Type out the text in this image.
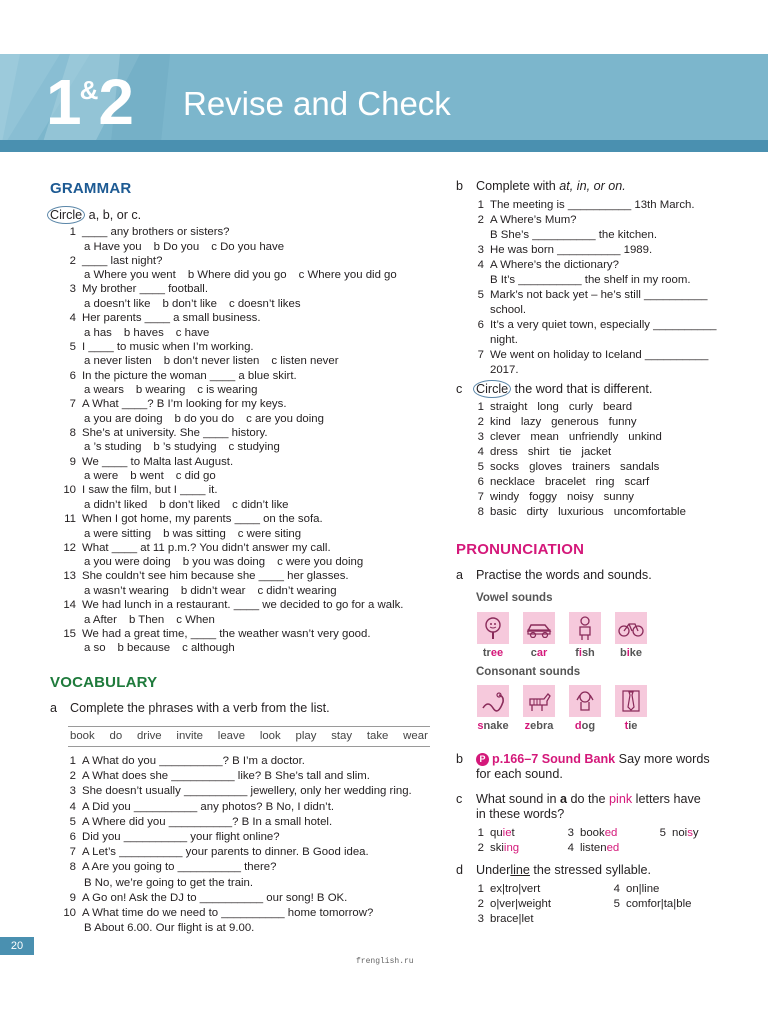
1 & 2 Revise and Check
GRAMMAR
Circle a, b, or c.
1 ____ any brothers or sisters?
a Have you b Do you c Do you have
2 ____ last night?
a Where you went b Where did you go c Where you did go
3 My brother ____ football.
a doesn’t like b don’t like c doesn’t likes
4 Her parents ____ a small business.
a has b haves c have
5 I ____ to music when I’m working.
a never listen b don’t never listen c listen never
6 In the picture the woman ____ a blue skirt.
a wears b wearing c is wearing
7 A What ____? B I’m looking for my keys.
a you are doing b do you do c are you doing
8 She’s at university. She ____ history.
a ’s studing b ’s studying c studying
9 We ____ to Malta last August.
a were b went c did go
10 I saw the film, but I ____ it.
a didn’t liked b don’t liked c didn’t like
11 When I got home, my parents ____ on the sofa.
a were sitting b was sitting c were siting
12 What ____ at 11 p.m.? You didn’t answer my call.
a you were doing b you was doing c were you doing
13 She couldn’t see him because she ____ her glasses.
a wasn’t wearing b didn’t wear c didn’t wearing
14 We had lunch in a restaurant. ____ we decided to go for a walk.
a After b Then c When
15 We had a great time, ____ the weather wasn’t very good.
a so b because c although
VOCABULARY
a Complete the phrases with a verb from the list.
book do drive invite leave look play stay take wear
1 A What do you __________? B I’m a doctor.
2 A What does she __________ like? B She’s tall and slim.
3 She doesn’t usually __________ jewellery, only her wedding ring.
4 A Did you __________ any photos? B No, I didn’t.
5 A Where did you __________? B In a small hotel.
6 Did you __________ your flight online?
7 A Let’s __________ your parents to dinner. B Good idea.
8 A Are you going to __________ there?
B No, we’re going to get the train.
9 A Go on! Ask the DJ to __________ our song! B OK.
10 A What time do we need to __________ home tomorrow?
B About 6.00. Our flight is at 9.00.
b Complete with at, in, or on.
1 The meeting is __________ 13th March.
2 A Where’s Mum?
B She’s __________ the kitchen.
3 He was born __________ 1989.
4 A Where’s the dictionary?
B It’s __________ the shelf in my room.
5 Mark’s not back yet – he’s still __________
school.
6 It’s a very quiet town, especially __________
night.
7 We went on holiday to Iceland __________
2017.
c Circle the word that is different.
1 straight long curly beard
2 kind lazy generous funny
3 clever mean unfriendly unkind
4 dress shirt tie jacket
5 socks gloves trainers sandals
6 necklace bracelet ring scarf
7 windy foggy noisy sunny
8 basic dirty luxurious uncomfortable
PRONUNCIATION
a Practise the words and sounds.
Vowel sounds
tree	car	fish	bike
Consonant sounds
snake	zebra	dog	tie
b P p.166–7 Sound Bank Say more words
for each sound.
c What sound in a do the pink letters have
in these words?
1 quiet	3 booked	5 noisy
2 skiing	4 listened
d Underline the stressed syllable.
1 ex|tro|vert	4 on|line
2 o|ver|weight	5 comfor|ta|ble
3 brace|let
20
frenglish.ru
